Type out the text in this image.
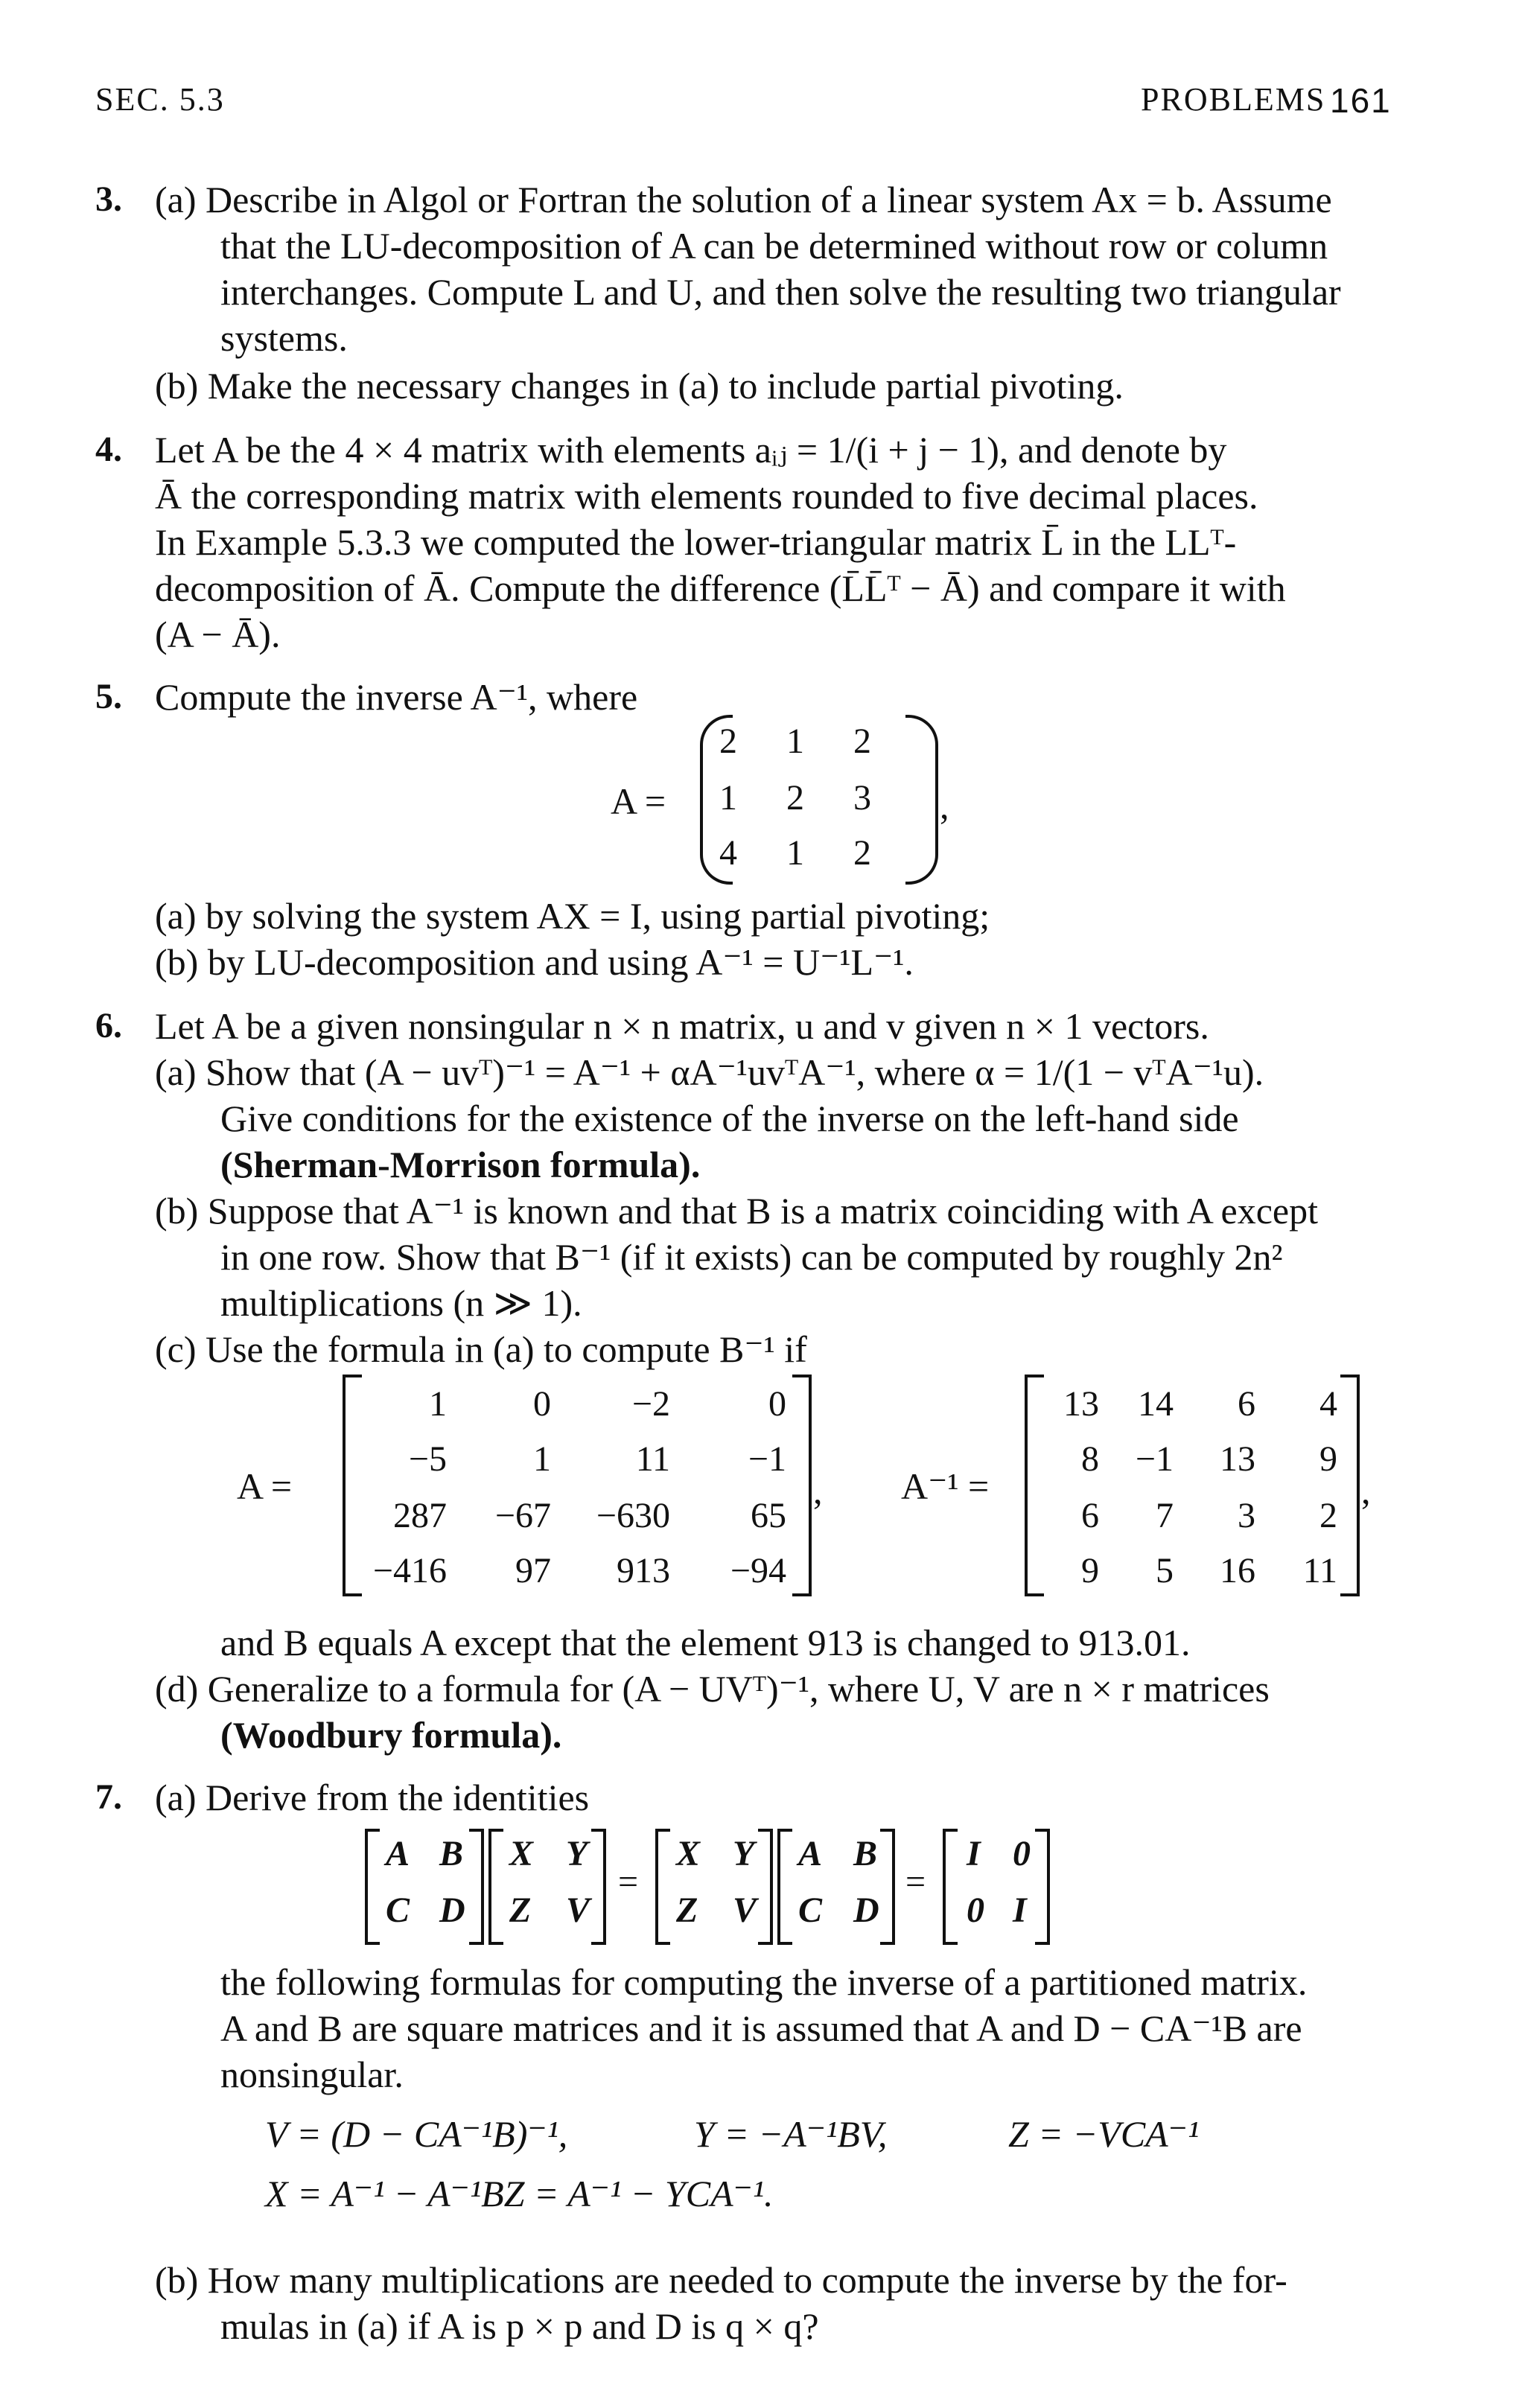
SEC. 5.3	PROBLEMS 161
3. (a) Describe in Algol or Fortran the solution of a linear system Ax = b. Assume
that the LU-decomposition of A can be determined without row or column
interchanges. Compute L and U, and then solve the resulting two triangular
systems.
(b) Make the necessary changes in (a) to include partial pivoting.
4. Let A be the 4 × 4 matrix with elements aᵢⱼ = 1/(i + j − 1), and denote by
Ā the corresponding matrix with elements rounded to five decimal places.
In Example 5.3.3 we computed the lower-triangular matrix L̄ in the LLᵀ-
decomposition of Ā. Compute the difference (L̄L̄ᵀ − Ā) and compare it with
(A − Ā).
5. Compute the inverse A⁻¹, where
A =
2	1	2
1	2	3
4	1	2
,
(a) by solving the system AX = I, using partial pivoting;
(b) by LU-decomposition and using A⁻¹ = U⁻¹L⁻¹.
6. Let A be a given nonsingular n × n matrix, u and v given n × 1 vectors.
(a) Show that (A − uvᵀ)⁻¹ = A⁻¹ + αA⁻¹uvᵀA⁻¹, where α = 1/(1 − vᵀA⁻¹u).
Give conditions for the existence of the inverse on the left-hand side
(Sherman-Morrison formula).
(b) Suppose that A⁻¹ is known and that B is a matrix coinciding with A except
in one row. Show that B⁻¹ (if it exists) can be computed by roughly 2n²
multiplications (n ≫ 1).
(c) Use the formula in (a) to compute B⁻¹ if
A =
1	0	−2	0
−5	1	11	−1
287	−67	−630	65
−416	97	913	−94
, A⁻¹ =
13	14	6	4
8	−1	13	9
6	7	3	2
9	5	16	11
,
and B equals A except that the element 913 is changed to 913.01.
(d) Generalize to a formula for (A − UVᵀ)⁻¹, where U, V are n × r matrices
(Woodbury formula).
7. (a) Derive from the identities
A B
C D
X Y
Z V
=
X Y
Z V
A B
C D
=
I 0
0 I
the following formulas for computing the inverse of a partitioned matrix.
A and B are square matrices and it is assumed that A and D − CA⁻¹B are
nonsingular.
V = (D − CA⁻¹B)⁻¹,	Y = −A⁻¹BV,	Z = −VCA⁻¹
X = A⁻¹ − A⁻¹BZ = A⁻¹ − YCA⁻¹.
(b) How many multiplications are needed to compute the inverse by the for-
mulas in (a) if A is p × p and D is q × q?
